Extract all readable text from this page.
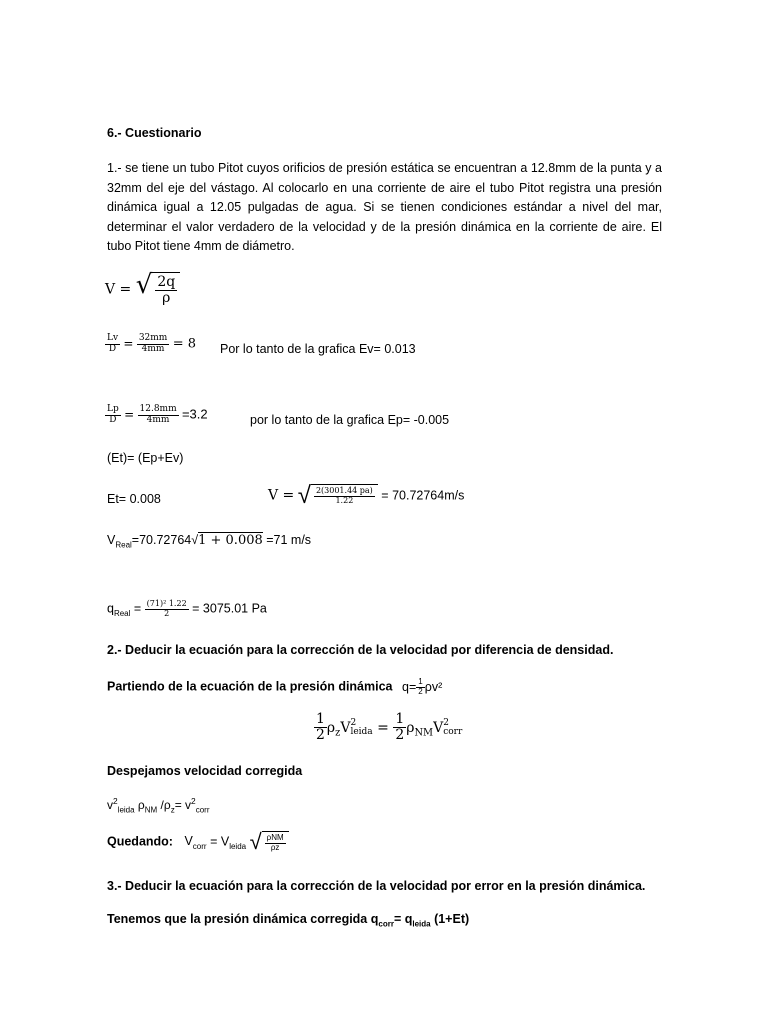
6.- Cuestionario
1.- se tiene un tubo Pitot cuyos orificios de presión estática se encuentran a 12.8mm de la punta y a 32mm del eje del vástago. Al colocarlo en una corriente de aire el tubo Pitot registra una presión dinámica igual a 12.05 pulgadas de agua. Si se tienen condiciones estándar a nivel del mar, determinar el valor verdadero de la velocidad y de la presión dinámica en la corriente de aire. El tubo Pitot tiene 4mm de diámetro.
V = √ $\frac{2q}{\rho}$
$\frac{Lv}{D} = \frac{32mm}{4mm} = 8$ Por lo tanto de la grafica Ev= 0.013
$\frac{Lp}{D} = \frac{12.8mm}{4mm} =3.2$	por lo tanto de la grafica Ep= -0.005
(Et)= (Ep+Ev)
Et= 0.008	V = √ $\frac{2(3001.44 pa)}{1.22} = 70.72764m/s$
$V_{Real}=70.72764√1 + 0.008 =71$ m/s
$q_{Real} = \frac{\text{(71)² 1.22}}{2} = 3075.01$ Pa
2.- Deducir la ecuación para la corrección de la velocidad por diferencia de densidad.
Partiendo de la ecuación de la presión dinámica $q= \frac{1}{2} \rho v^2$
$\frac{1}{2} \rho_zV$ 2
leida = $\frac{1}{2} \rho_{NM}V$ 2
corr
Despejamos velocidad corregida
$v^2_{leida}$ $\rho_{NM}$ $/\rho_z= v^2_{corr}$
Quedando: $V_{corr} = V_{leida}$ √ $\frac{\text{ρNM}}{\rho z}$
3.- Deducir la ecuación para la corrección de la velocidad por error en la presión dinámica.
Tenemos que la presión dinámica corregida $q_{corr}= q_{leida}$ (1+Et)
